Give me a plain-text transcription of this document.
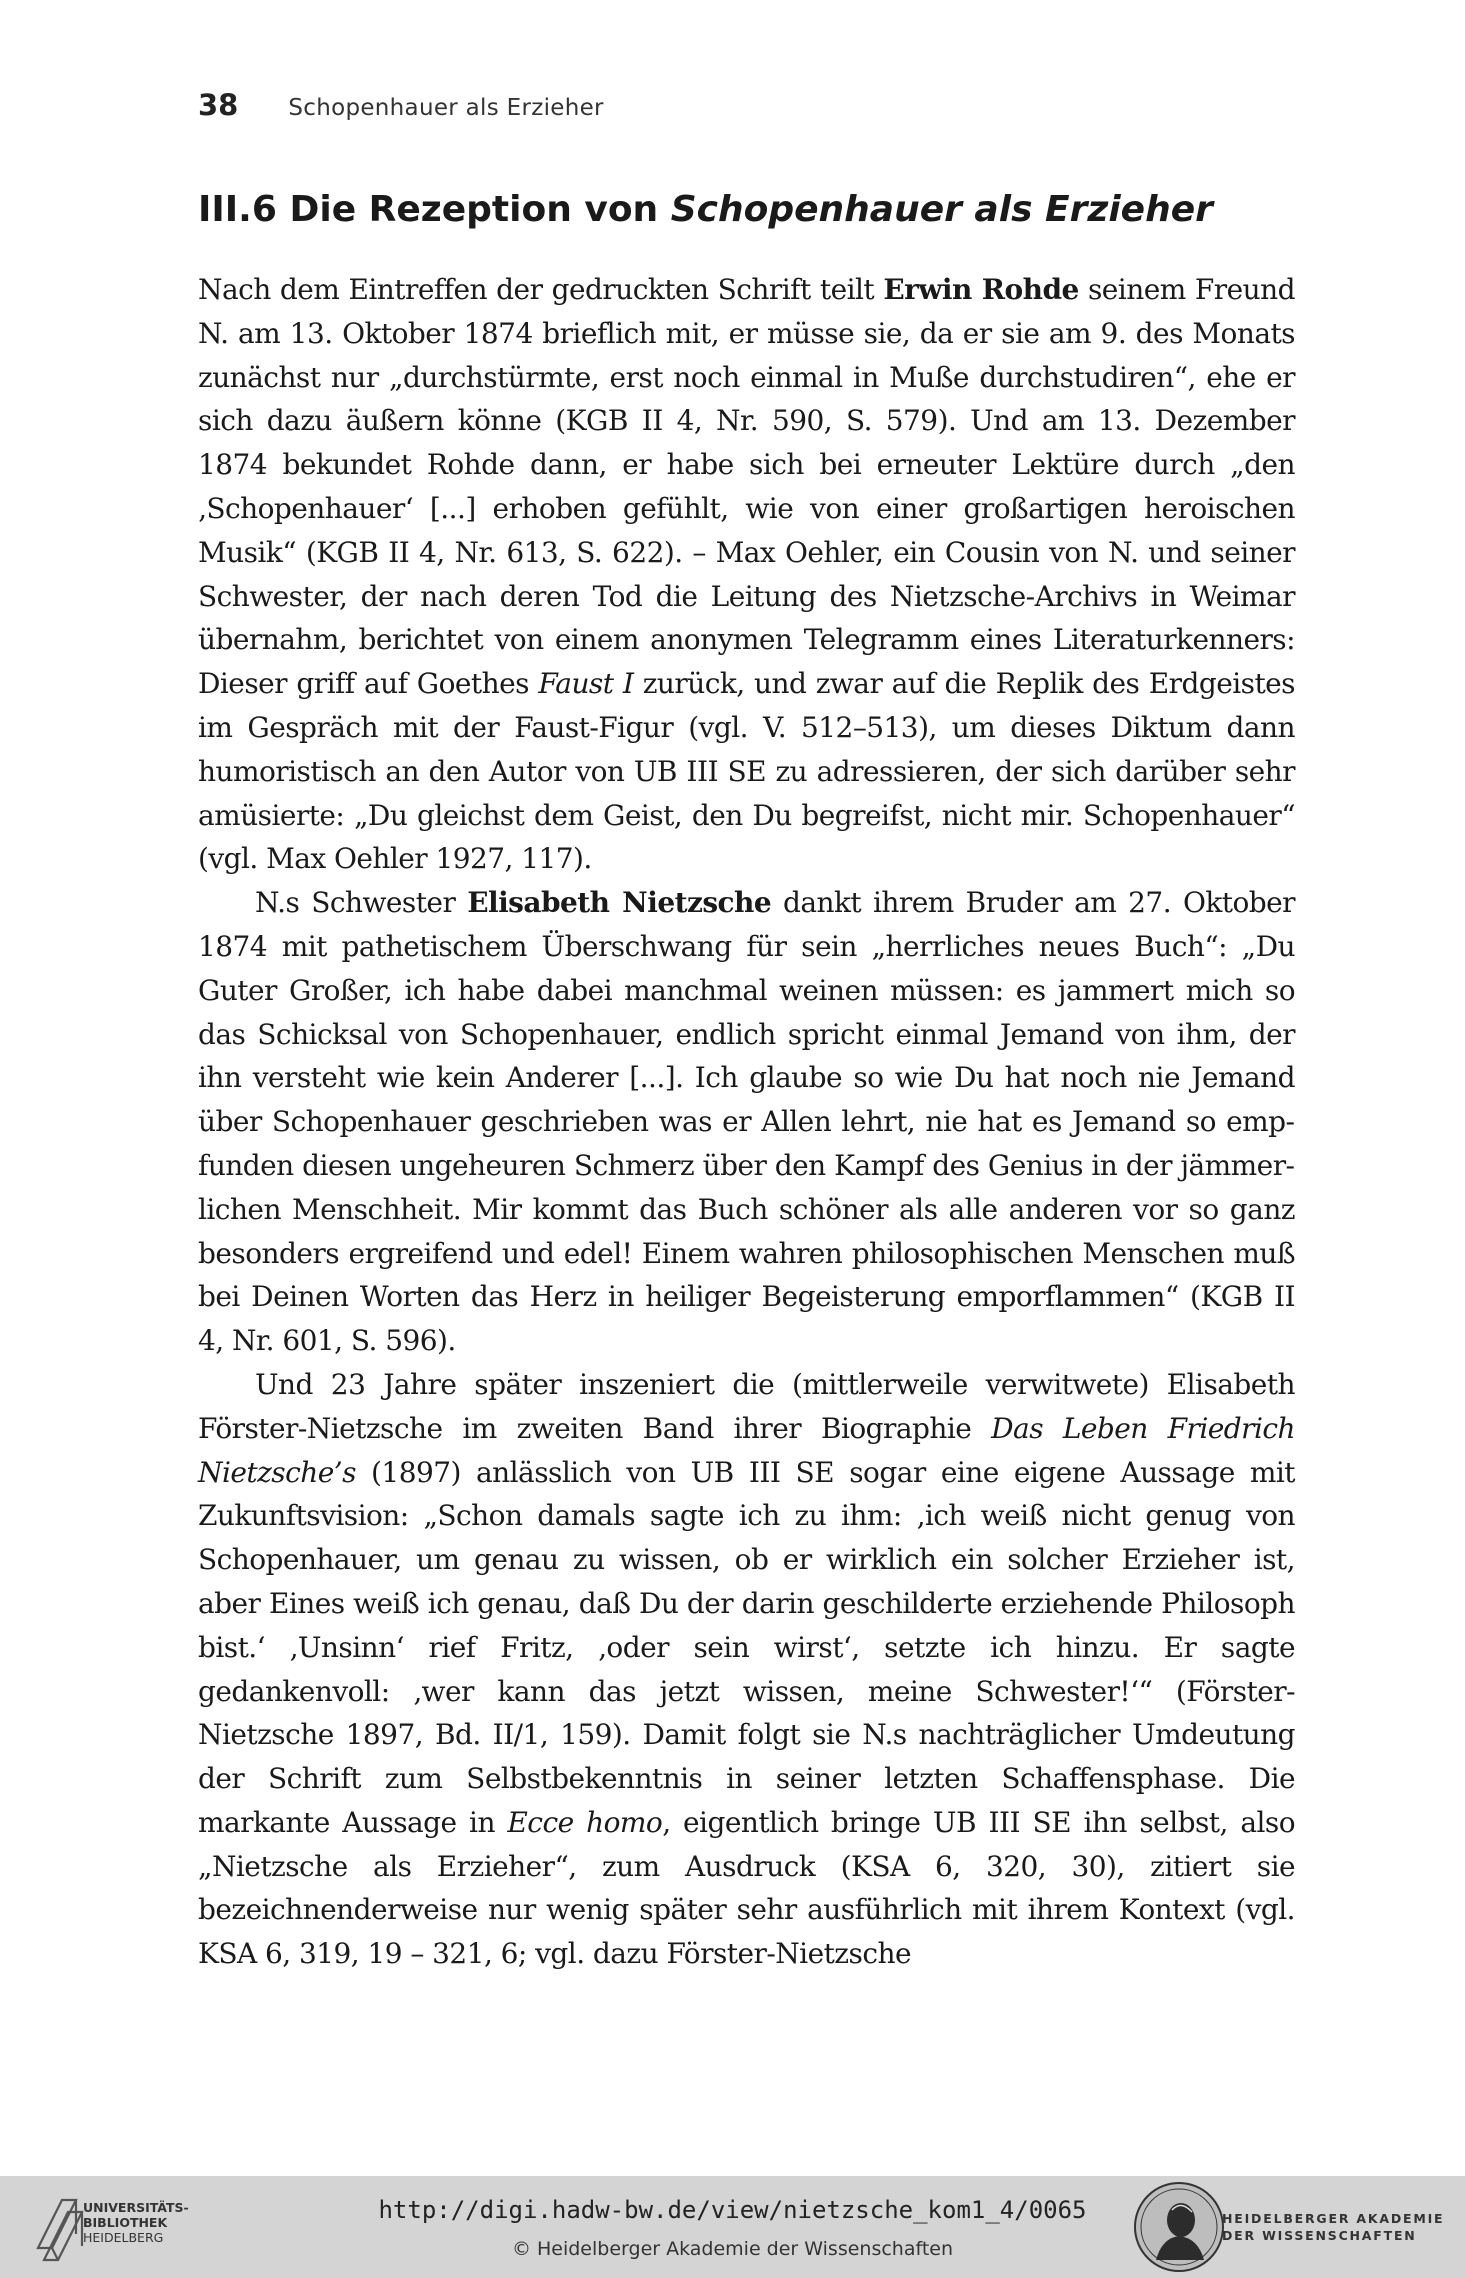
38 Schopenhauer als Erzieher
III.6 Die Rezeption von Schopenhauer als Erzieher

Nach dem Eintreffen der gedruckten Schrift teilt Erwin Rohde seinem Freund N. am 13. Oktober 1874 brieflich mit, er müsse sie, da er sie am 9. des Monats zunächst nur „durchstürmte, erst noch einmal in Muße durchstudiren“, ehe er sich dazu äußern könne (KGB II 4, Nr. 590, S. 579). Und am 13. Dezember 1874 bekundet Rohde dann, er habe sich bei erneuter Lektüre durch „den ‚Schopenhauer‘ [...] erhoben gefühlt, wie von einer großartigen heroischen Musik“ (KGB II 4, Nr. 613, S. 622). – Max Oehler, ein Cousin von N. und seiner Schwester, der nach deren Tod die Leitung des Nietzsche-Archivs in Weimar übernahm, berichtet von einem anonymen Telegramm eines Literaturkenners: Dieser griff auf Goethes Faust I zurück, und zwar auf die Replik des Erdgeistes im Gespräch mit der Faust-Figur (vgl. V. 512–513), um dieses Diktum dann humoristisch an den Autor von UB III SE zu adressieren, der sich darüber sehr amüsierte: „Du gleichst dem Geist, den Du begreifst, nicht mir. Schopenhauer“ (vgl. Max Oehler 1927, 117).

N.s Schwester Elisabeth Nietzsche dankt ihrem Bruder am 27. Oktober 1874 mit pathetischem Überschwang für sein „herrliches neues Buch“: „Du Guter Großer, ich habe dabei manchmal weinen müssen: es jammert mich so das Schicksal von Schopenhauer, endlich spricht einmal Jemand von ihm, der ihn versteht wie kein Anderer [...]. Ich glaube so wie Du hat noch nie Jemand über Schopenhauer geschrieben was er Allen lehrt, nie hat es Jemand so empfunden diesen ungeheuren Schmerz über den Kampf des Genius in der jämmerlichen Menschheit. Mir kommt das Buch schöner als alle anderen vor so ganz besonders ergreifend und edel! Einem wahren philosophischen Menschen muß bei Deinen Worten das Herz in heiliger Begeisterung emporflammen“ (KGB II 4, Nr. 601, S. 596).

Und 23 Jahre später inszeniert die (mittlerweile verwitwete) Elisabeth Förster-Nietzsche im zweiten Band ihrer Biographie Das Leben Friedrich Nietzsche’s (1897) anlässlich von UB III SE sogar eine eigene Aussage mit Zukunftsvision: „Schon damals sagte ich zu ihm: ‚ich weiß nicht genug von Schopenhauer, um genau zu wissen, ob er wirklich ein solcher Erzieher ist, aber Eines weiß ich genau, daß Du der darin geschilderte erziehende Philosoph bist.‘ ‚Unsinn‘ rief Fritz, ‚oder sein wirst‘, setzte ich hinzu. Er sagte gedankenvoll: ‚wer kann das jetzt wissen, meine Schwester!‘“ (Förster-Nietzsche 1897, Bd. II/1, 159). Damit folgt sie N.s nachträglicher Umdeutung der Schrift zum Selbstbekenntnis in seiner letzten Schaffensphase. Die markante Aussage in Ecce homo, eigentlich bringe UB III SE ihn selbst, also „Nietzsche als Erzieher“, zum Ausdruck (KSA 6, 320, 30), zitiert sie bezeichnenderweise nur wenig später sehr ausführlich mit ihrem Kontext (vgl. KSA 6, 319, 19 – 321, 6; vgl. dazu Förster-Nietzsche

UNIVERSITÄTS-
BIBLIOTHEK
HEIDELBERG
http://digi.hadw-bw.de/view/nietzsche_kom1_4/0065
© Heidelberger Akademie der Wissenschaften
HEIDELBERGER AKADEMIE
DER WISSENSCHAFTEN
